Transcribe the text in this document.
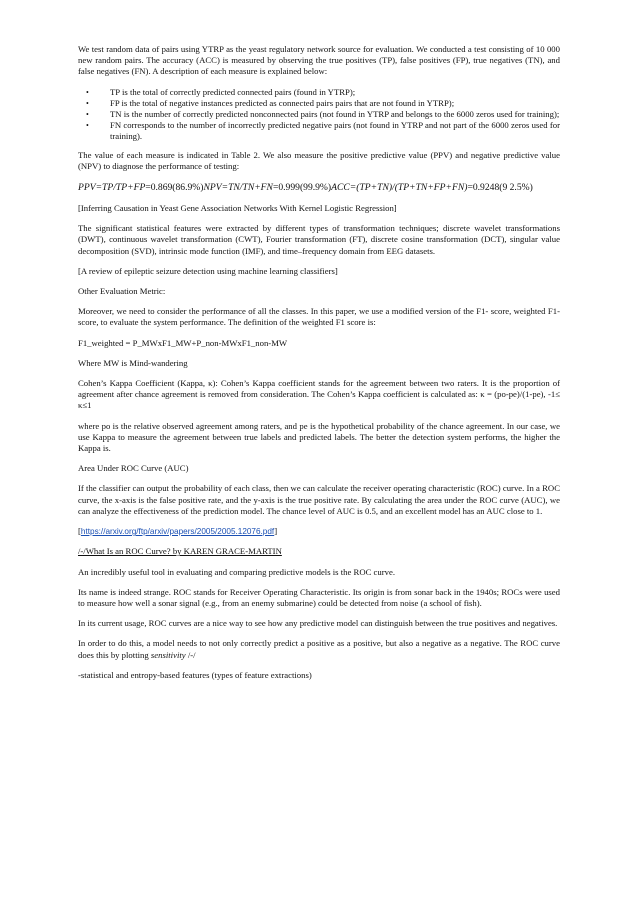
We test random data of pairs using YTRP as the yeast regulatory network source for evaluation. We conducted a test consisting of 10 000 new random pairs. The accuracy (ACC) is measured by observing the true positives (TP), false positives (FP), true negatives (TN), and false negatives (FN). A description of each measure is explained below:

• TP is the total of correctly predicted connected pairs (found in YTRP);
• FP is the total of negative instances predicted as connected pairs pairs that are not found in YTRP);
• TN is the number of correctly predicted nonconnected pairs (not found in YTRP and belongs to the 6000 zeros used for training);
• FN corresponds to the number of incorrectly predicted negative pairs (not found in YTRP and not part of the 6000 zeros used for training).

The value of each measure is indicated in Table 2. We also measure the positive predictive value (PPV) and negative predictive value (NPV) to diagnose the performance of testing:

PPV=TP/TP+FP=0.869(86.9%)NPV=TN/TN+FN=0.999(99.9%)ACC=(TP+TN)/(TP+TN+FP+FN)=0.9248(9 2.5%)

[Inferring Causation in Yeast Gene Association Networks With Kernel Logistic Regression]

The significant statistical features were extracted by different types of transformation techniques; discrete wavelet transformations (DWT), continuous wavelet transformation (CWT), Fourier transformation (FT), discrete cosine transformation (DCT), singular value decomposition (SVD), intrinsic mode function (IMF), and time–frequency domain from EEG datasets.

[A review of epileptic seizure detection using machine learning classifiers]

Other Evaluation Metric:

Moreover, we need to consider the performance of all the classes. In this paper, we use a modified version of the F1- score, weighted F1-score, to evaluate the system performance. The definition of the weighted F1 score is:

F1_weighted = P_MWxF1_MW+P_non-MWxF1_non-MW

Where MW is Mind-wandering

Cohen’s Kappa Coefficient (Kappa, κ): Cohen’s Kappa coefficient stands for the agreement between two raters. It is the proportion of agreement after chance agreement is removed from consideration. The Cohen’s Kappa coefficient is calculated as: κ = (po-pe)/(1-pe), -1≤ κ≤1

where po is the relative observed agreement among raters, and pe is the hypothetical probability of the chance agreement. In our case, we use Kappa to measure the agreement between true labels and predicted labels. The better the detection system performs, the higher the Kappa is.

Area Under ROC Curve (AUC)

If the classifier can output the probability of each class, then we can calculate the receiver operating characteristic (ROC) curve. In a ROC curve, the x-axis is the false positive rate, and the y-axis is the true positive rate. By calculating the area under the ROC curve (AUC), we can analyze the effectiveness of the prediction model. The chance level of AUC is 0.5, and an excellent model has an AUC close to 1.

[https://arxiv.org/ftp/arxiv/papers/2005/2005.12076.pdf]

/-/What Is an ROC Curve? by KAREN GRACE-MARTIN

An incredibly useful tool in evaluating and comparing predictive models is the ROC curve.

Its name is indeed strange. ROC stands for Receiver Operating Characteristic. Its origin is from sonar back in the 1940s; ROCs were used to measure how well a sonar signal (e.g., from an enemy submarine) could be detected from noise (a school of fish).

In its current usage, ROC curves are a nice way to see how any predictive model can distinguish between the true positives and negatives.

In order to do this, a model needs to not only correctly predict a positive as a positive, but also a negative as a negative. The ROC curve does this by plotting sensitivity /-/

-statistical and entropy-based features (types of feature extractions)
